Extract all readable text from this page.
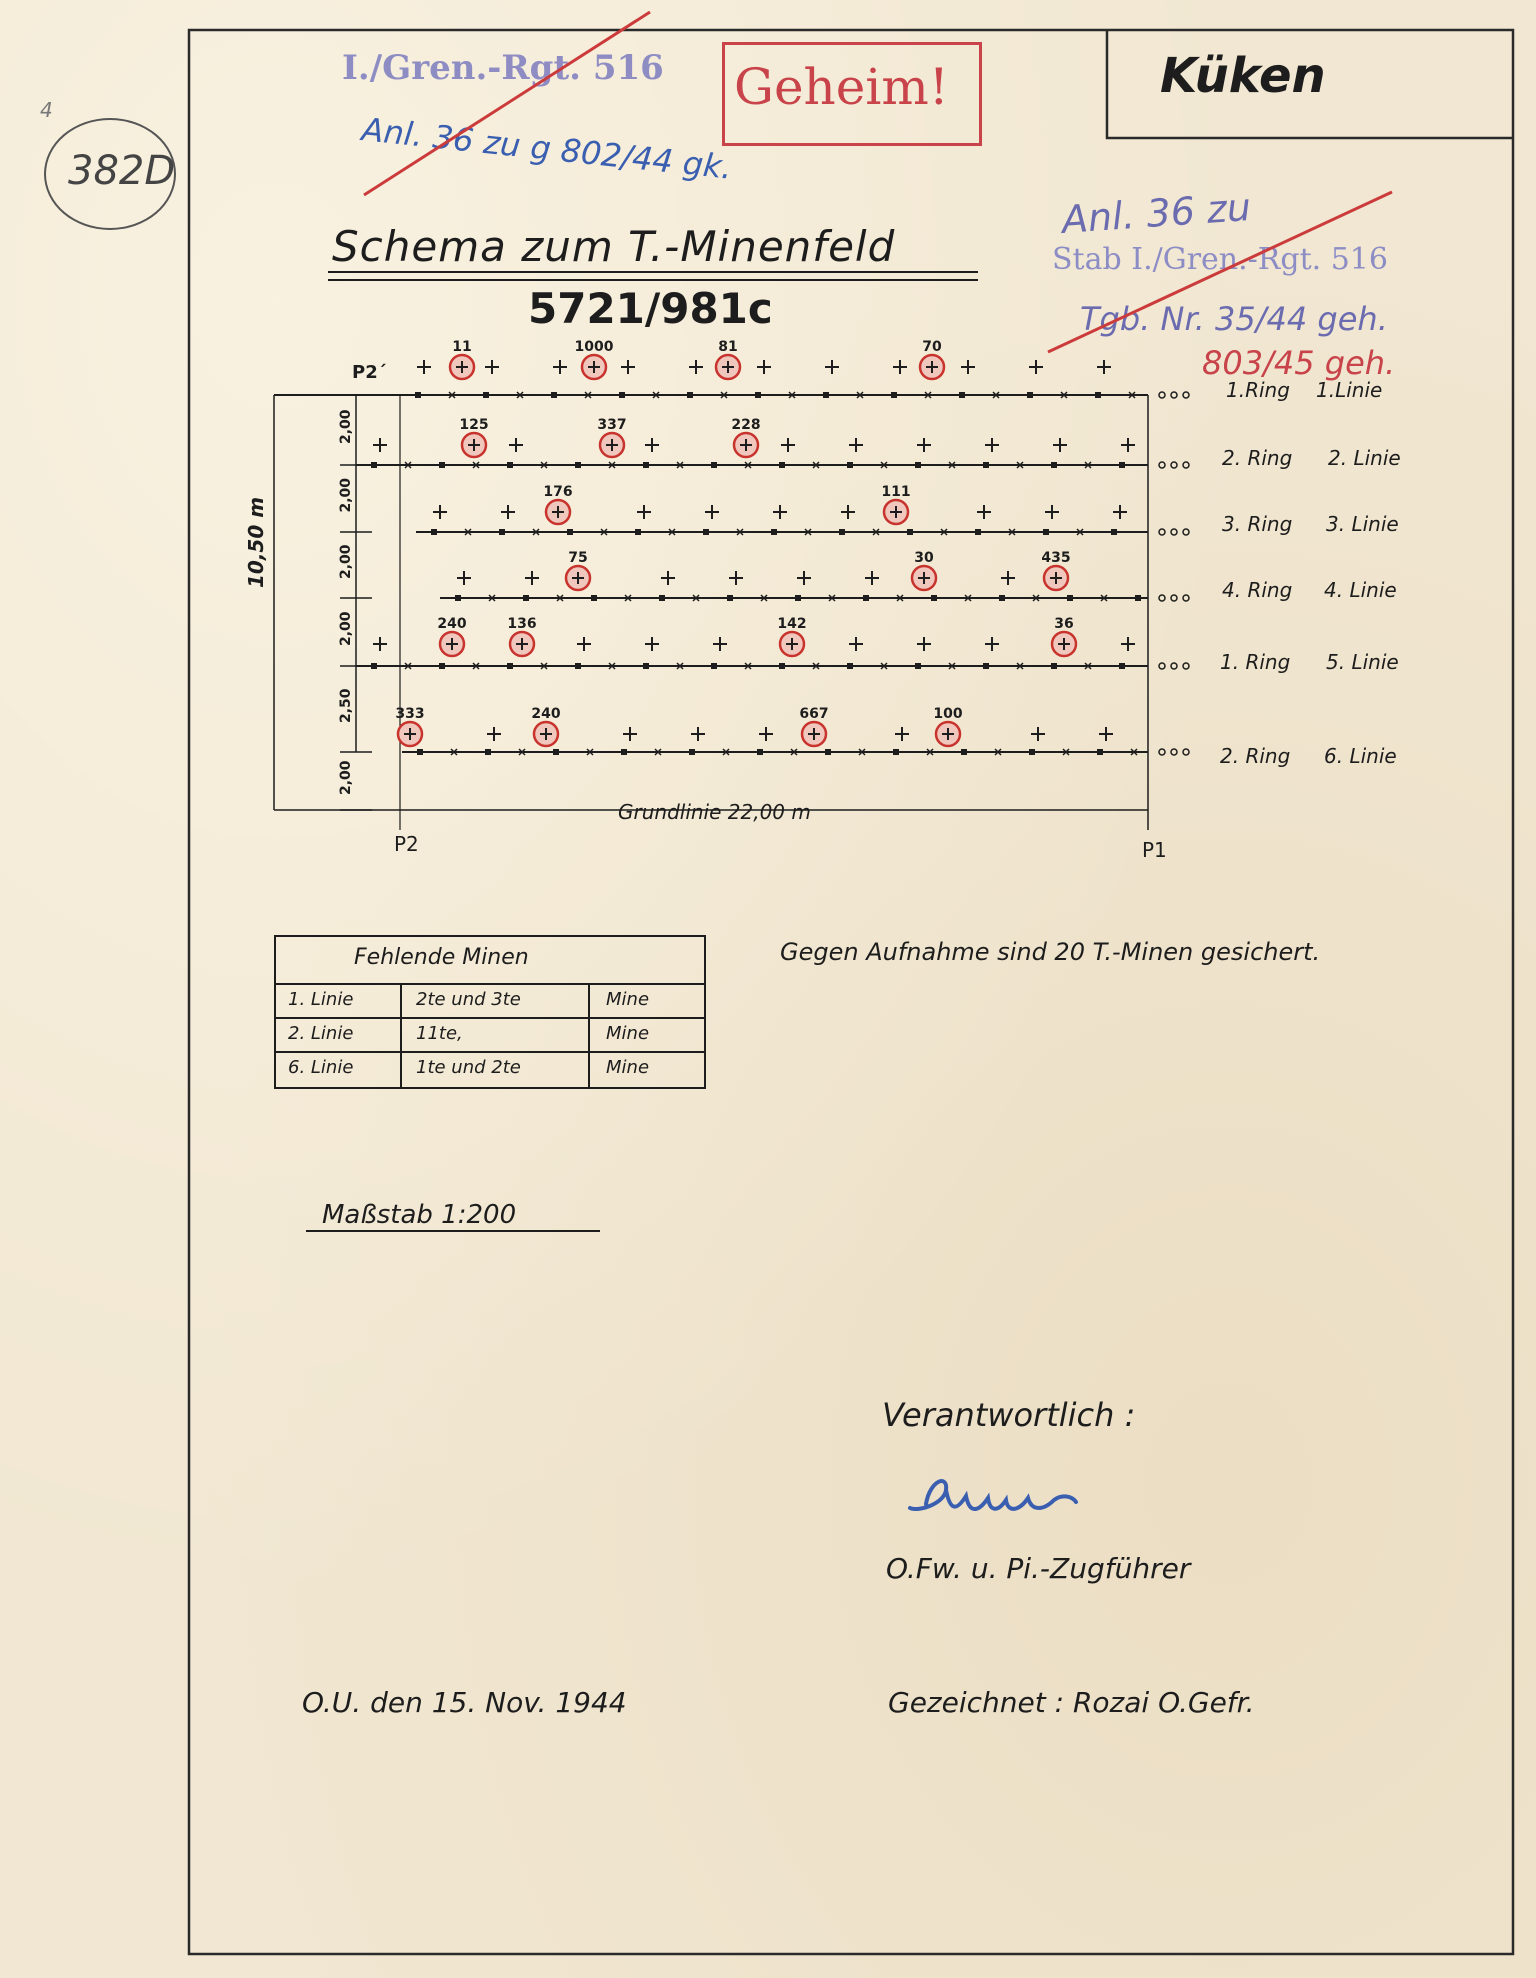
4
382D
I./Gren.-Rgt. 516
Anl. 36 zu g 802/44 gk.
Geheim!	Küken
Anl. 36 zu
Stab I./Gren.-Rgt. 516
Tgb. Nr. 35/44 geh.
803/45 geh.
Schema zum T.-Minenfeld
5721/981c
2,00
2,00
2,00
2,00
2,50
2,00
11	1000	81	70
125	337	228
176	111
75	30	435
240	136	142	36
333	240	667	100
P2´
P2	P1
Grundlinie 22,00 m
10,50 m
1.Ring 1.Linie
2. Ring 2. Linie
3. Ring 3. Linie
4. Ring 4. Linie
1. Ring 5. Linie
2. Ring 6. Linie
Fehlende Minen
1. Linie	2te und 3te	Mine
2. Linie	11te,	Mine
6. Linie	1te und 2te	Mine
Gegen Aufnahme sind 20 T.-Minen gesichert.
Maßstab 1:200
Verantwortlich :
O.Fw. u. Pi.-Zugführer
O.U. den 15. Nov. 1944	Gezeichnet : Rozai O.Gefr.
